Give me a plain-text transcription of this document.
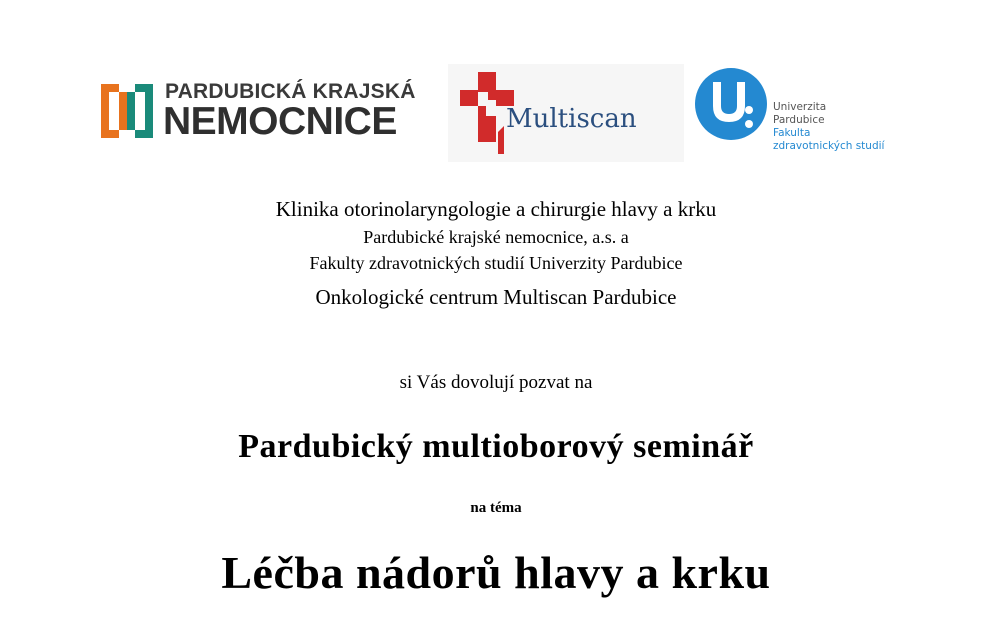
PARDUBICKÁ KRAJSKÁ
NEMOCNICE	Multiscan	Univerzita
Pardubice
Fakulta
zdravotnických studií
Klinika otorinolaryngologie a chirurgie hlavy a krku
Pardubické krajské nemocnice, a.s. a
Fakulty zdravotnických studií Univerzity Pardubice
Onkologické centrum Multiscan Pardubice
si Vás dovolují pozvat na
Pardubický multioborový seminář
na téma
Léčba nádorů hlavy a krku
